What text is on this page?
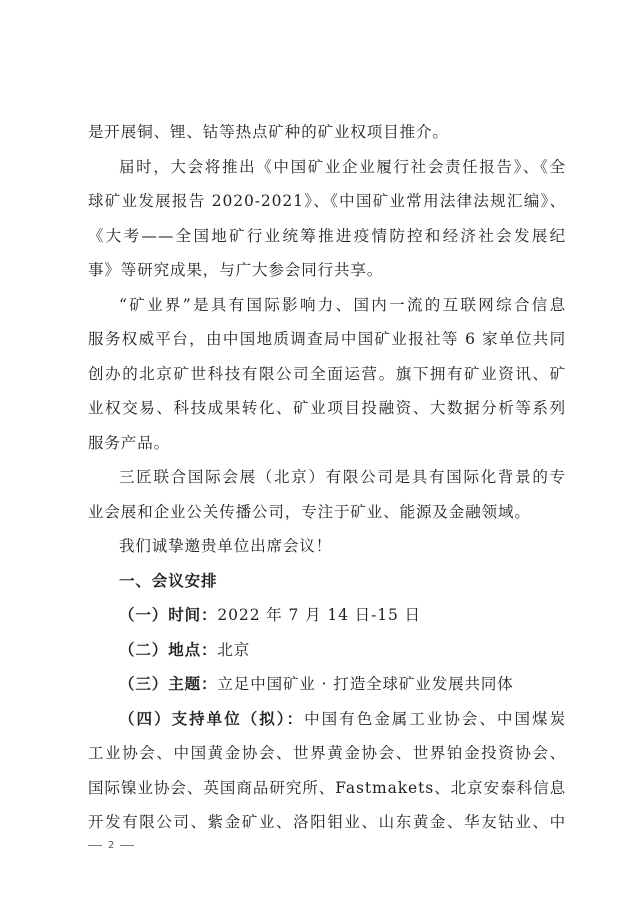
是开展铜、锂、钴等热点矿种的矿业权项目推介。

届时，大会将推出《中国矿业企业履行社会责任报告》、《全

球矿业发展报告 2020-2021》、《中国矿业常用法律法规汇编》、

《大考——全国地矿行业统筹推进疫情防控和经济社会发展纪

事》等研究成果，与广大参会同行共享。

“矿业界”是具有国际影响力、国内一流的互联网综合信息

服务权威平台，由中国地质调查局中国矿业报社等 6 家单位共同

创办的北京矿世科技有限公司全面运营。旗下拥有矿业资讯、矿

业权交易、科技成果转化、矿业项目投融资、大数据分析等系列

服务产品。

三匠联合国际会展（北京）有限公司是具有国际化背景的专

业会展和企业公关传播公司，专注于矿业、能源及金融领域。

我们诚挚邀贵单位出席会议！

一、会议安排

（一）时间：2022 年 7 月 14 日-15 日

（二）地点：北京

（三）主题：立足中国矿业 · 打造全球矿业发展共同体

（四）支持单位（拟）：中国有色金属工业协会、中国煤炭

工业协会、中国黄金协会、世界黄金协会、世界铂金投资协会、

国际镍业协会、英国商品研究所、Fastmakets、北京安泰科信息

开发有限公司、紫金矿业、洛阳钼业、山东黄金、华友钴业、中

2
